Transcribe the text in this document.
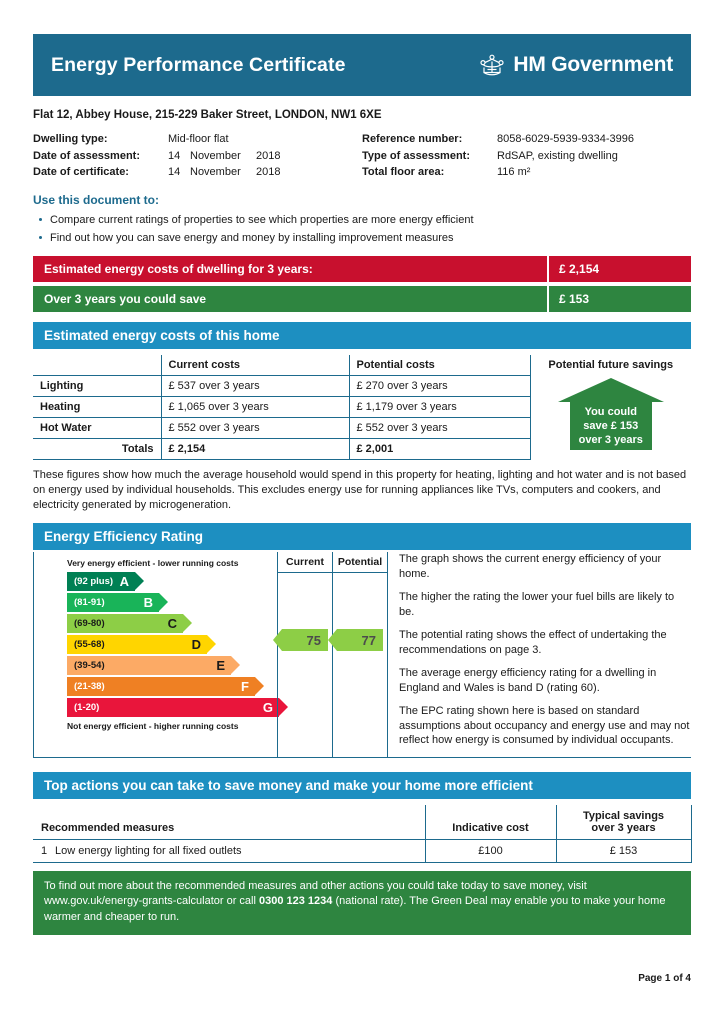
Energy Performance Certificate	HM Government
Flat 12, Abbey House, 215-229 Baker Street, LONDON, NW1 6XE
Dwelling type:	Mid-floor flat
Date of assessment:	14 November	2018
Date of certificate:	14 November	2018
Reference number:	8058-6029-5939-9334-3996
Type of assessment:	RdSAP, existing dwelling
Total floor area:	116 m²
Use this document to:
Compare current ratings of properties to see which properties are more energy efficient
Find out how you can save energy and money by installing improvement measures
Estimated energy costs of dwelling for 3 years:	£ 2,154
Over 3 years you could save	£ 153
Estimated energy costs of this home
	Current costs	Potential costs
Lighting	£ 537 over 3 years	£ 270 over 3 years
Heating	£ 1,065 over 3 years	£ 1,179 over 3 years
Hot Water	£ 552 over 3 years	£ 552 over 3 years
Totals	£ 2,154	£ 2,001
Potential future savings
You could
save £ 153
over 3 years
These figures show how much the average household would spend in this property for heating, lighting and hot water and is not based on energy used by individual households. This excludes energy use for running appliances like TVs, computers and cookers, and electricity generated by microgeneration.
Energy Efficiency Rating
Very energy efficient - lower running costs
(92 plus) A
(81-91)	B
(69-80)	C
(55-68)	D
(39-54)	E
(21-38)	F
(1-20)	G
Not energy efficient - higher running costs
Current
75
Potential
77

The graph shows the current energy efficiency of your home.

The higher the rating the lower your fuel bills are likely to be.

The potential rating shows the effect of undertaking the recommendations on page 3.

The average energy efficiency rating for a dwelling in England and Wales is band D (rating 60).

The EPC rating shown here is based on standard assumptions about occupancy and energy use and may not reflect how energy is consumed by individual occupants.

Top actions you can take to save money and make your home more efficient
Recommended measures	Indicative cost	Typical savings
over 3 years

1 Low energy lighting for all fixed outlets	£100	£ 153
To find out more about the recommended measures and other actions you could take today to save money, visit www.gov.uk/energy-grants-calculator or call 0300 123 1234 (national rate). The Green Deal may enable you to make your home warmer and cheaper to run.
Page 1 of 4
